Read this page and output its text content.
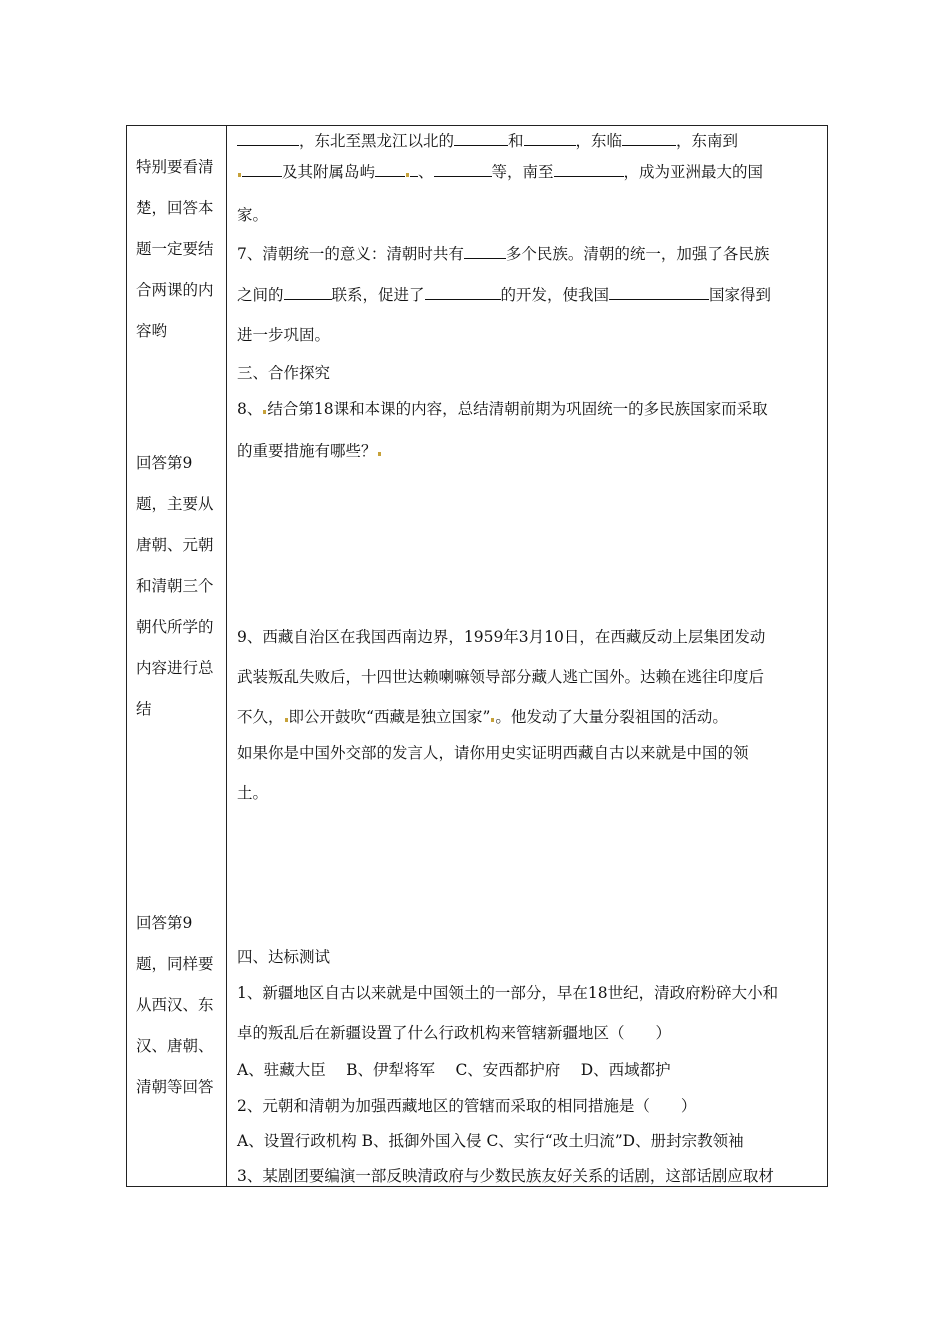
特别要看清
楚，回答本
题一定要结
合两课的内
容哟
回答第9
题，主要从
唐朝、元朝
和清朝三个
朝代所学的
内容进行总
结
回答第9
题，同样要
从西汉、东
汉、唐朝、
清朝等回答
，东北至黑龙江以北的	和	，东临	，东南到
及其附属岛屿	、	等，南至	，成为亚洲最大的国
家。
7、清朝统一的意义：清朝时共有	多个民族。清朝的统一，加强了各民族
之间的	联系，促进了	的开发，使我国	国家得到
进一步巩固。
三、合作探究
8、 结合第18课和本课的内容，总结清朝前期为巩固统一的多民族国家而采取
的重要措施有哪些？
9、西藏自治区在我国西南边界，1959年3月10日，在西藏反动上层集团发动
武装叛乱失败后，十四世达赖喇嘛领导部分藏人逃亡国外。达赖在逃往印度后
不久， 即公开鼓吹“西藏是独立国家” 。他发动了大量分裂祖国的活动。
如果你是中国外交部的发言人，请你用史实证明西藏自古以来就是中国的领
土。
四、达标测试
1、新疆地区自古以来就是中国领土的一部分，早在18世纪，清政府粉碎大小和
卓的叛乱后在新疆设置了什么行政机构来管辖新疆地区（　　）
A、驻藏大臣　 B、伊犁将军　 C、安西都护府　 D、西域都护
2、元朝和清朝为加强西藏地区的管辖而采取的相同措施是（　　）
A、设置行政机构 B、抵御外国入侵 C、实行“改土归流”D、册封宗教领袖
3、某剧团要编演一部反映清政府与少数民族友好关系的话剧，这部话剧应取材
